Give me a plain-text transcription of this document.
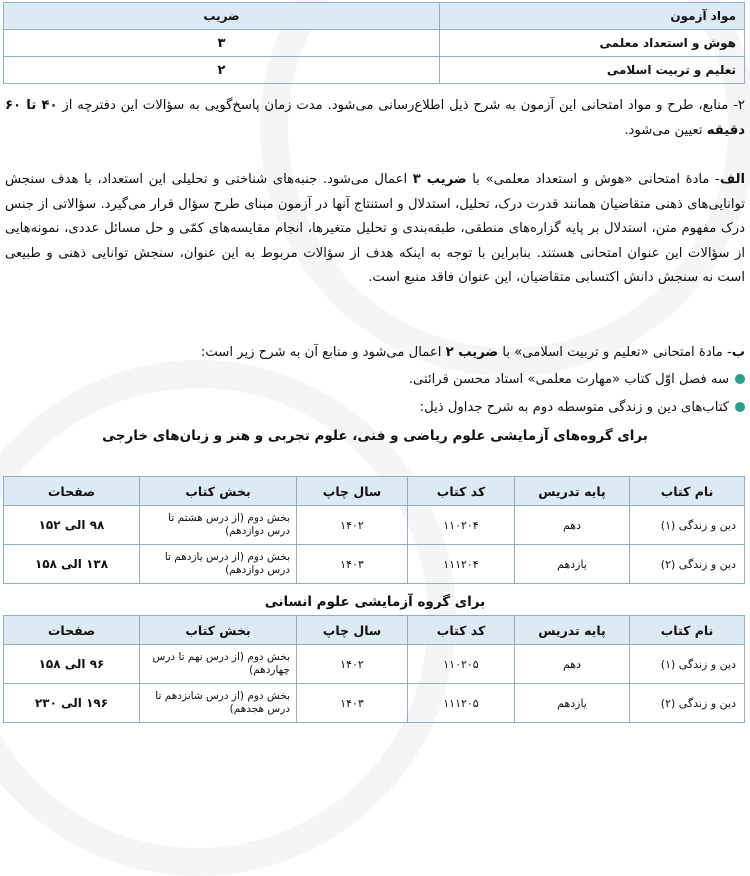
مواد آزمون	ضریب
هوش و استعداد معلمی	۳
تعلیم و تربیت اسلامی	۲
۲- منابع، طرح و مواد امتحانی این آزمون به شرح ذیل اطلاع‌رسانی می‌شود. مدت زمان پاسخ‌گویی به سؤالات این دفترچه از ۴۰ تا ۶۰ دقیقه تعیین می‌شود.
الف- مادهٔ امتحانی «هوش و استعداد معلمی» با ضریب ۳ اعمال می‌شود. جنبه‌های شناختی و تحلیلی این استعداد، با هدف سنجش توانایی‌های ذهنی متقاضیان همانند قدرت درک، تحلیل، استدلال و استنتاج آنها در آزمون مبنای طرح سؤال قرار می‌گیرد. سؤالاتی از جنس درک مفهوم متن، استدلال بر پایه گزاره‌های منطقی، طبقه‌بندی و تحلیل متغیرها، انجام مقایسه‌های کمّی و حل مسائل عددی، نمونه‌هایی از سؤالات این عنوان امتحانی هستند. بنابراین با توجه به اینکه هدف از سؤالات مربوط به این عنوان، سنجش توانایی ذهنی و طبیعی است نه سنجش دانش اکتسابی متقاضیان، این عنوان فاقد منبع است.
ب- مادهٔ امتحانی «تعلیم و تربیت اسلامی» با ضریب ۲ اعمال می‌شود و منابع آن به شرح زیر است:
سه فصل اوّل کتاب «مهارت معلمی» استاد محسن قرائتی.
کتاب‌های دین و زندگی متوسطه دوم به شرح جداول ذیل:
برای گروه‌های آزمایشی علوم ریاضی و فنی، علوم تجربی و هنر و زبان‌های خارجی
نام کتاب	پایه تدریس	کد کتاب	سال چاپ	بخش کتاب	صفحات
دین و زندگی (۱)	دهم	۱۱۰۲۰۴	۱۴۰۲	بخش دوم (از درس هشتم تا درس دوازدهم)	۹۸ الی ۱۵۲
دین و زندگی (۲)	یازدهم	۱۱۱۲۰۴	۱۴۰۳	بخش دوم (از درس یازدهم تا درس دوازدهم)	۱۳۸ الی ۱۵۸
برای گروه آزمایشی علوم انسانی
نام کتاب	پایه تدریس	کد کتاب	سال چاپ	بخش کتاب	صفحات
دین و زندگی (۱)	دهم	۱۱۰۲۰۵	۱۴۰۲	بخش دوم (از درس نهم تا درس چهاردهم)	۹۶ الی ۱۵۸
دین و زندگی (۲)	یازدهم	۱۱۱۲۰۵	۱۴۰۳	بخش دوم (از درس شانزدهم تا درس هجدهم)	۱۹۶ الی ۲۳۰
